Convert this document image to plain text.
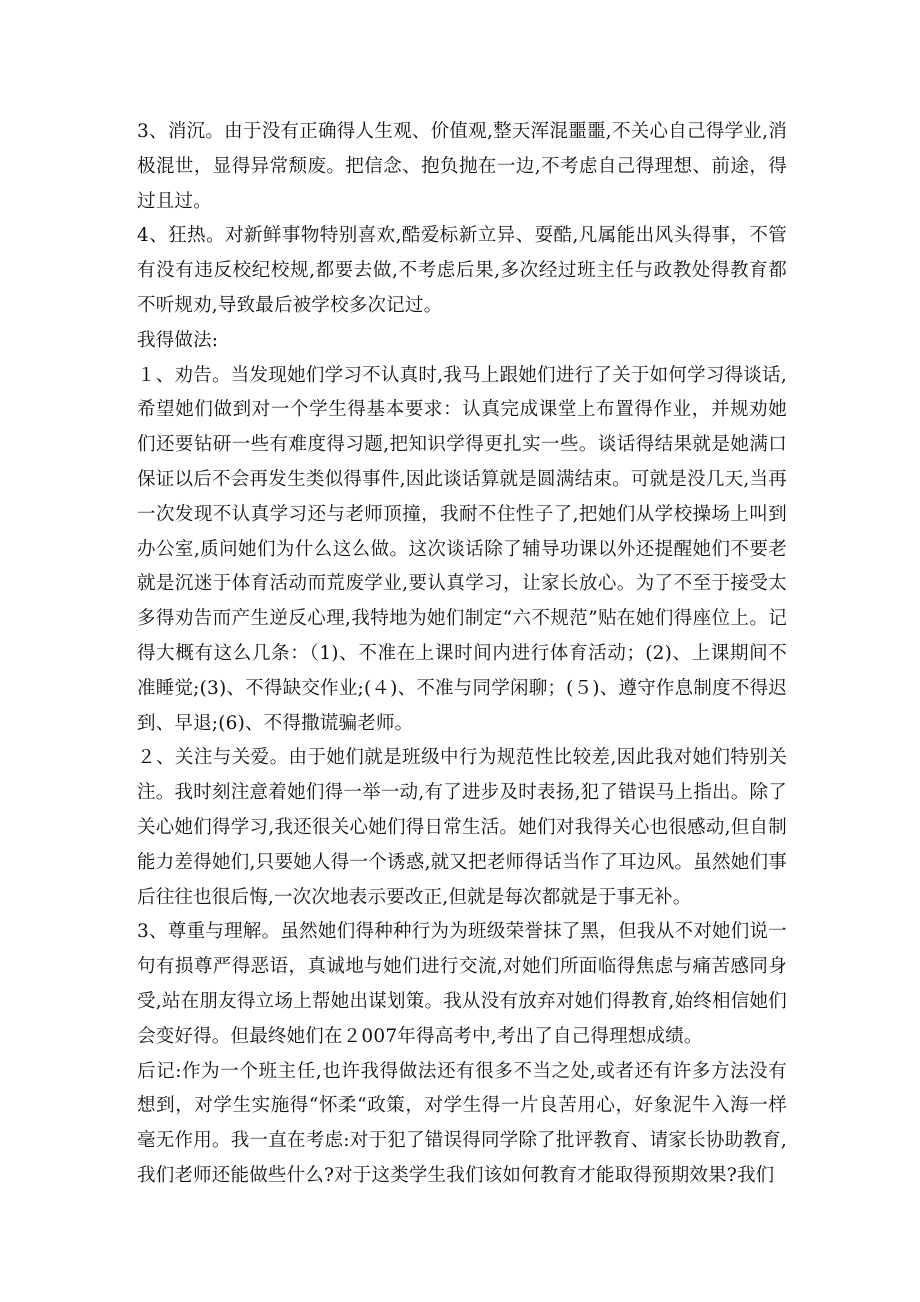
3、消沉。由于没有正确得人生观、价值观,整天浑混噩噩,不关心自己得学业,消极混世，显得异常颓废。把信念、抱负抛在一边,不考虑自己得理想、前途，得过且过。

4、狂热。对新鲜事物特别喜欢,酷爱标新立异、耍酷,凡属能出风头得事，不管有没有违反校纪校规,都要去做,不考虑后果,多次经过班主任与政教处得教育都不听规劝,导致最后被学校多次记过。

我得做法:

１、劝告。当发现她们学习不认真时,我马上跟她们进行了关于如何学习得谈话,希望她们做到对一个学生得基本要求：认真完成课堂上布置得作业，并规劝她们还要钻研一些有难度得习题,把知识学得更扎实一些。谈话得结果就是她满口保证以后不会再发生类似得事件,因此谈话算就是圆满结束。可就是没几天,当再一次发现不认真学习还与老师顶撞，我耐不住性子了,把她们从学校操场上叫到办公室,质问她们为什么这么做。这次谈话除了辅导功课以外还提醒她们不要老就是沉迷于体育活动而荒废学业,要认真学习，让家长放心。为了不至于接受太多得劝告而产生逆反心理,我特地为她们制定“六不规范”贴在她们得座位上。记得大概有这么几条：（1)、不准在上课时间内进行体育活动；(2)、上课期间不准睡觉;(3)、不得缺交作业;(４)、不准与同学闲聊；(５)、遵守作息制度不得迟到、早退;(6)、不得撒谎骗老师。

２、关注与关爱。由于她们就是班级中行为规范性比较差,因此我对她们特别关注。我时刻注意着她们得一举一动,有了进步及时表扬,犯了错误马上指出。除了关心她们得学习,我还很关心她们得日常生活。她们对我得关心也很感动,但自制能力差得她们,只要她人得一个诱惑,就又把老师得话当作了耳边风。虽然她们事后往往也很后悔,一次次地表示要改正,但就是每次都就是于事无补。

3、尊重与理解。虽然她们得种种行为为班级荣誉抹了黑，但我从不对她们说一句有损尊严得恶语，真诚地与她们进行交流,对她们所面临得焦虑与痛苦感同身受,站在朋友得立场上帮她出谋划策。我从没有放弃对她们得教育,始终相信她们会变好得。但最终她们在２007年得高考中,考出了自己得理想成绩。

后记:作为一个班主任,也许我得做法还有很多不当之处,或者还有许多方法没有想到，对学生实施得“怀柔“政策，对学生得一片良苦用心，好象泥牛入海一样毫无作用。我一直在考虑:对于犯了错误得同学除了批评教育、请家长协助教育,我们老师还能做些什么?对于这类学生我们该如何教育才能取得预期效果?我们
